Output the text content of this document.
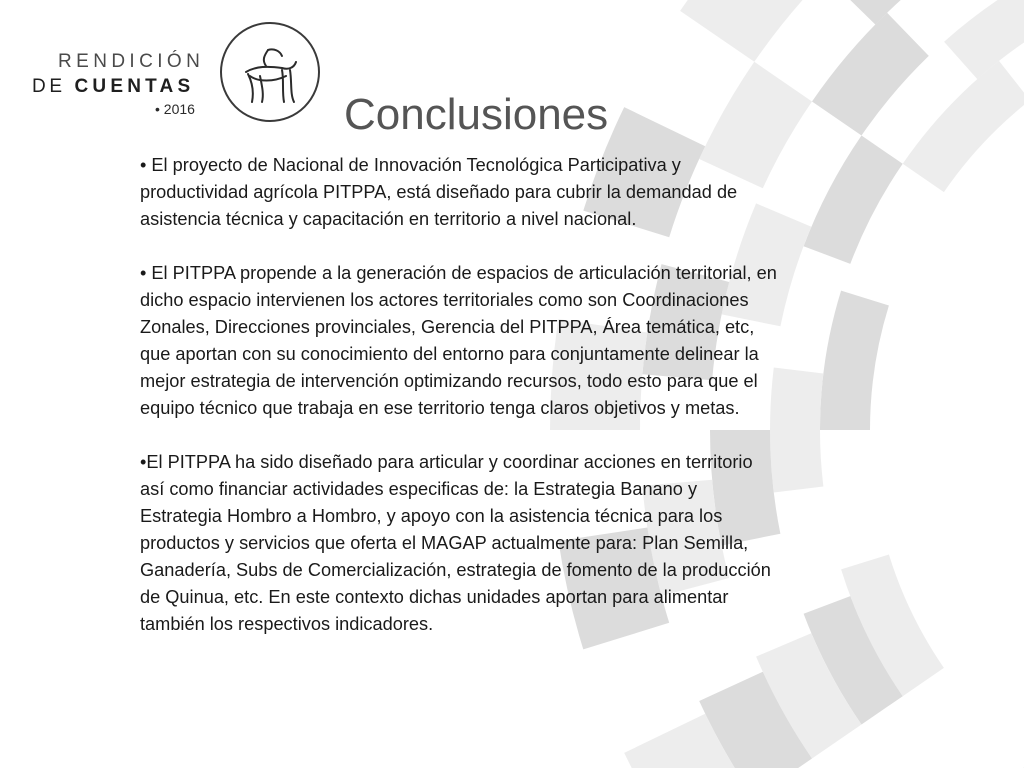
RENDICIÓN
DE CUENTAS
• 2016	Conclusiones

• El proyecto de Nacional de Innovación Tecnológica Participativa y productividad agrícola PITPPA, está diseñado para cubrir la demandad de asistencia técnica y capacitación en territorio a nivel nacional.

• El PITPPA propende a la generación de espacios de articulación territorial, en dicho espacio intervienen los actores territoriales como son Coordinaciones Zonales, Direcciones provinciales, Gerencia del PITPPA, Área temática, etc, que aportan con su conocimiento del entorno para conjuntamente delinear la mejor estrategia de intervención optimizando recursos, todo esto para que el equipo técnico que trabaja en ese territorio tenga claros objetivos y metas.

•El PITPPA ha sido diseñado para articular y coordinar acciones en territorio así como financiar actividades especificas de: la Estrategia Banano y Estrategia Hombro a Hombro, y apoyo con la asistencia técnica para los productos y servicios que oferta el MAGAP actualmente para: Plan Semilla, Ganadería, Subs de Comercialización, estrategia de fomento de la producción de Quinua, etc. En este contexto dichas unidades aportan para alimentar también los respectivos indicadores.
